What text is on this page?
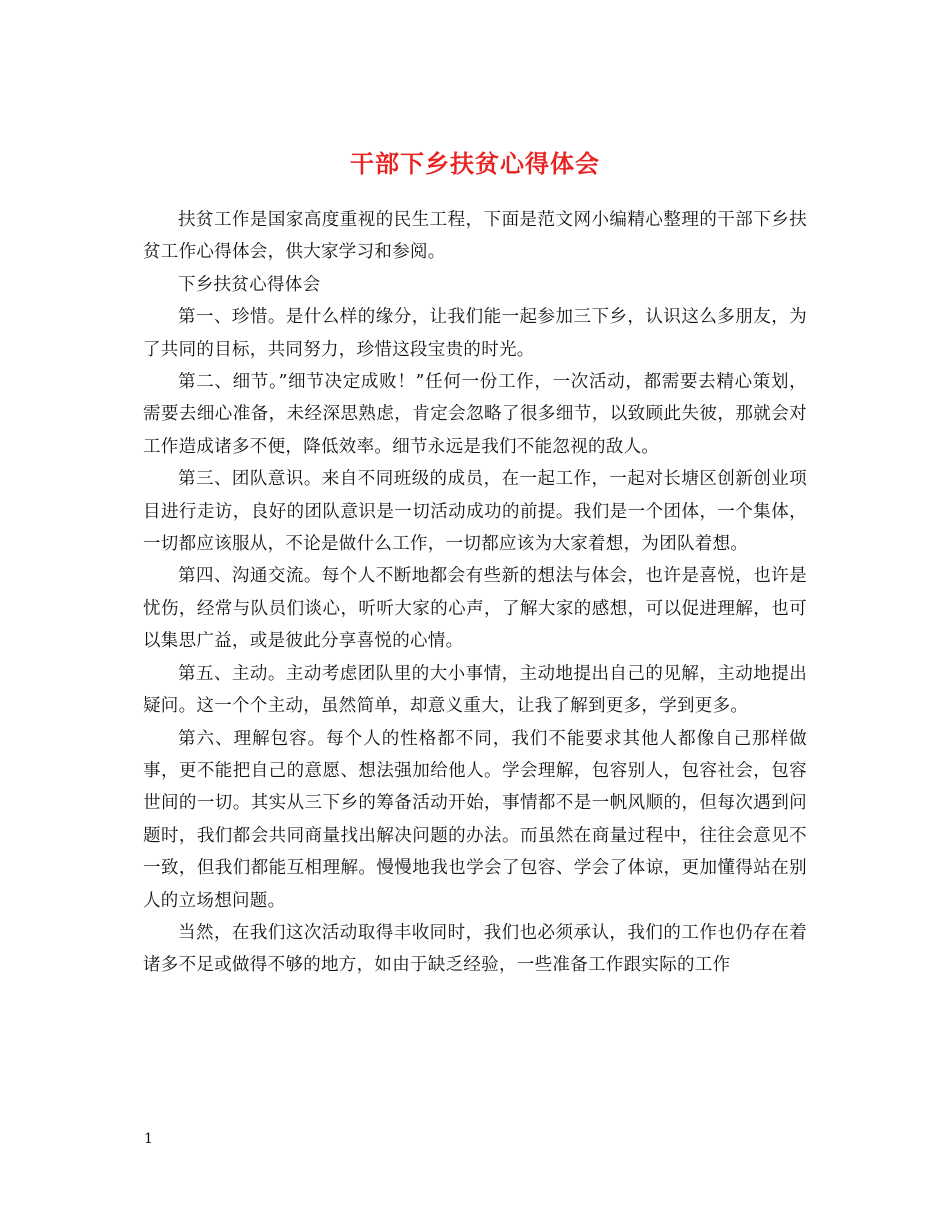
干部下乡扶贫心得体会

扶贫工作是国家高度重视的民生工程，下面是范文网小编精心整理的干部下乡扶贫工作心得体会，供大家学习和参阅。

下乡扶贫心得体会

第一、珍惜。是什么样的缘分，让我们能一起参加三下乡，认识这么多朋友，为了共同的目标，共同努力，珍惜这段宝贵的时光。

第二、细节。”细节决定成败！”任何一份工作，一次活动，都需要去精心策划，需要去细心准备，未经深思熟虑，肯定会忽略了很多细节，以致顾此失彼，那就会对工作造成诸多不便，降低效率。细节永远是我们不能忽视的敌人。

第三、团队意识。来自不同班级的成员，在一起工作，一起对长塘区创新创业项目进行走访，良好的团队意识是一切活动成功的前提。我们是一个团体，一个集体，一切都应该服从，不论是做什么工作，一切都应该为大家着想，为团队着想。

第四、沟通交流。每个人不断地都会有些新的想法与体会，也许是喜悦，也许是忧伤，经常与队员们谈心，听听大家的心声，了解大家的感想，可以促进理解，也可以集思广益，或是彼此分享喜悦的心情。

第五、主动。主动考虑团队里的大小事情，主动地提出自己的见解，主动地提出疑问。这一个个主动，虽然简单，却意义重大，让我了解到更多，学到更多。

第六、理解包容。每个人的性格都不同，我们不能要求其他人都像自己那样做事，更不能把自己的意愿、想法强加给他人。学会理解，包容别人，包容社会，包容世间的一切。其实从三下乡的筹备活动开始，事情都不是一帆风顺的，但每次遇到问题时，我们都会共同商量找出解决问题的办法。而虽然在商量过程中，往往会意见不一致，但我们都能互相理解。慢慢地我也学会了包容、学会了体谅，更加懂得站在别人的立场想问题。

当然，在我们这次活动取得丰收同时，我们也必须承认，我们的工作也仍存在着诸多不足或做得不够的地方，如由于缺乏经验，一些准备工作跟实际的工作

1
